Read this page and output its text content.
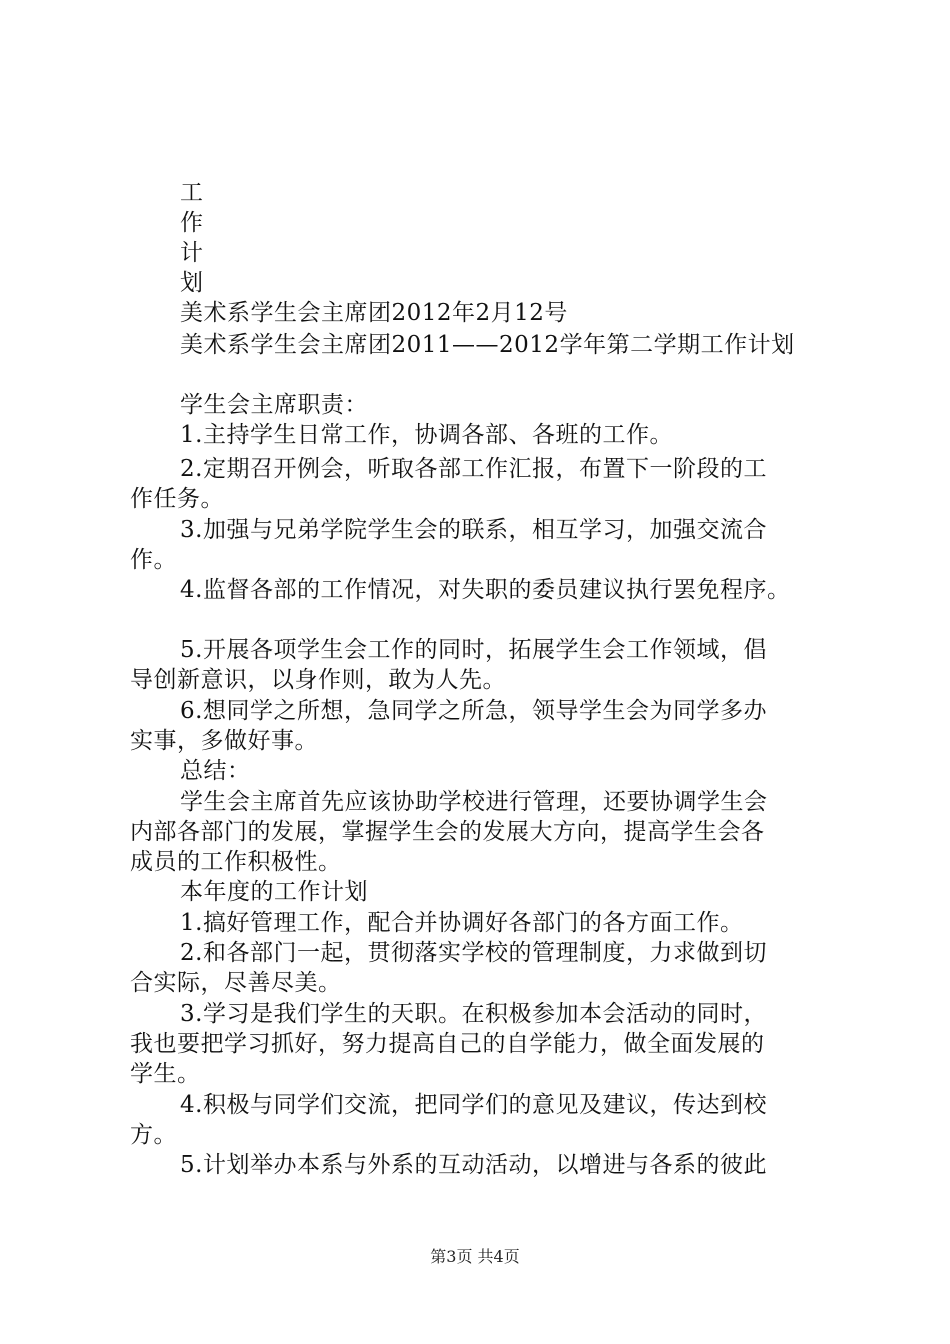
工
作
计
划
美术系学生会主席团2012年2月12号
美术系学生会主席团2011——2012学年第二学期工作计划
学生会主席职责：
1.主持学生日常工作，协调各部、各班的工作。
2.定期召开例会，听取各部工作汇报，布置下一阶段的工
作任务。
3.加强与兄弟学院学生会的联系，相互学习，加强交流合
作。
4.监督各部的工作情况，对失职的委员建议执行罢免程序。
5.开展各项学生会工作的同时，拓展学生会工作领域，倡
导创新意识，以身作则，敢为人先。
6.想同学之所想，急同学之所急，领导学生会为同学多办
实事，多做好事。
总结：
学生会主席首先应该协助学校进行管理，还要协调学生会
内部各部门的发展，掌握学生会的发展大方向，提高学生会各
成员的工作积极性。
本年度的工作计划
1.搞好管理工作，配合并协调好各部门的各方面工作。
2.和各部门一起，贯彻落实学校的管理制度，力求做到切
合实际，尽善尽美。
3.学习是我们学生的天职。在积极参加本会活动的同时，
我也要把学习抓好，努力提高自己的自学能力，做全面发展的
学生。
4.积极与同学们交流，把同学们的意见及建议，传达到校
方。
5.计划举办本系与外系的互动活动，以增进与各系的彼此
第3页 共4页
